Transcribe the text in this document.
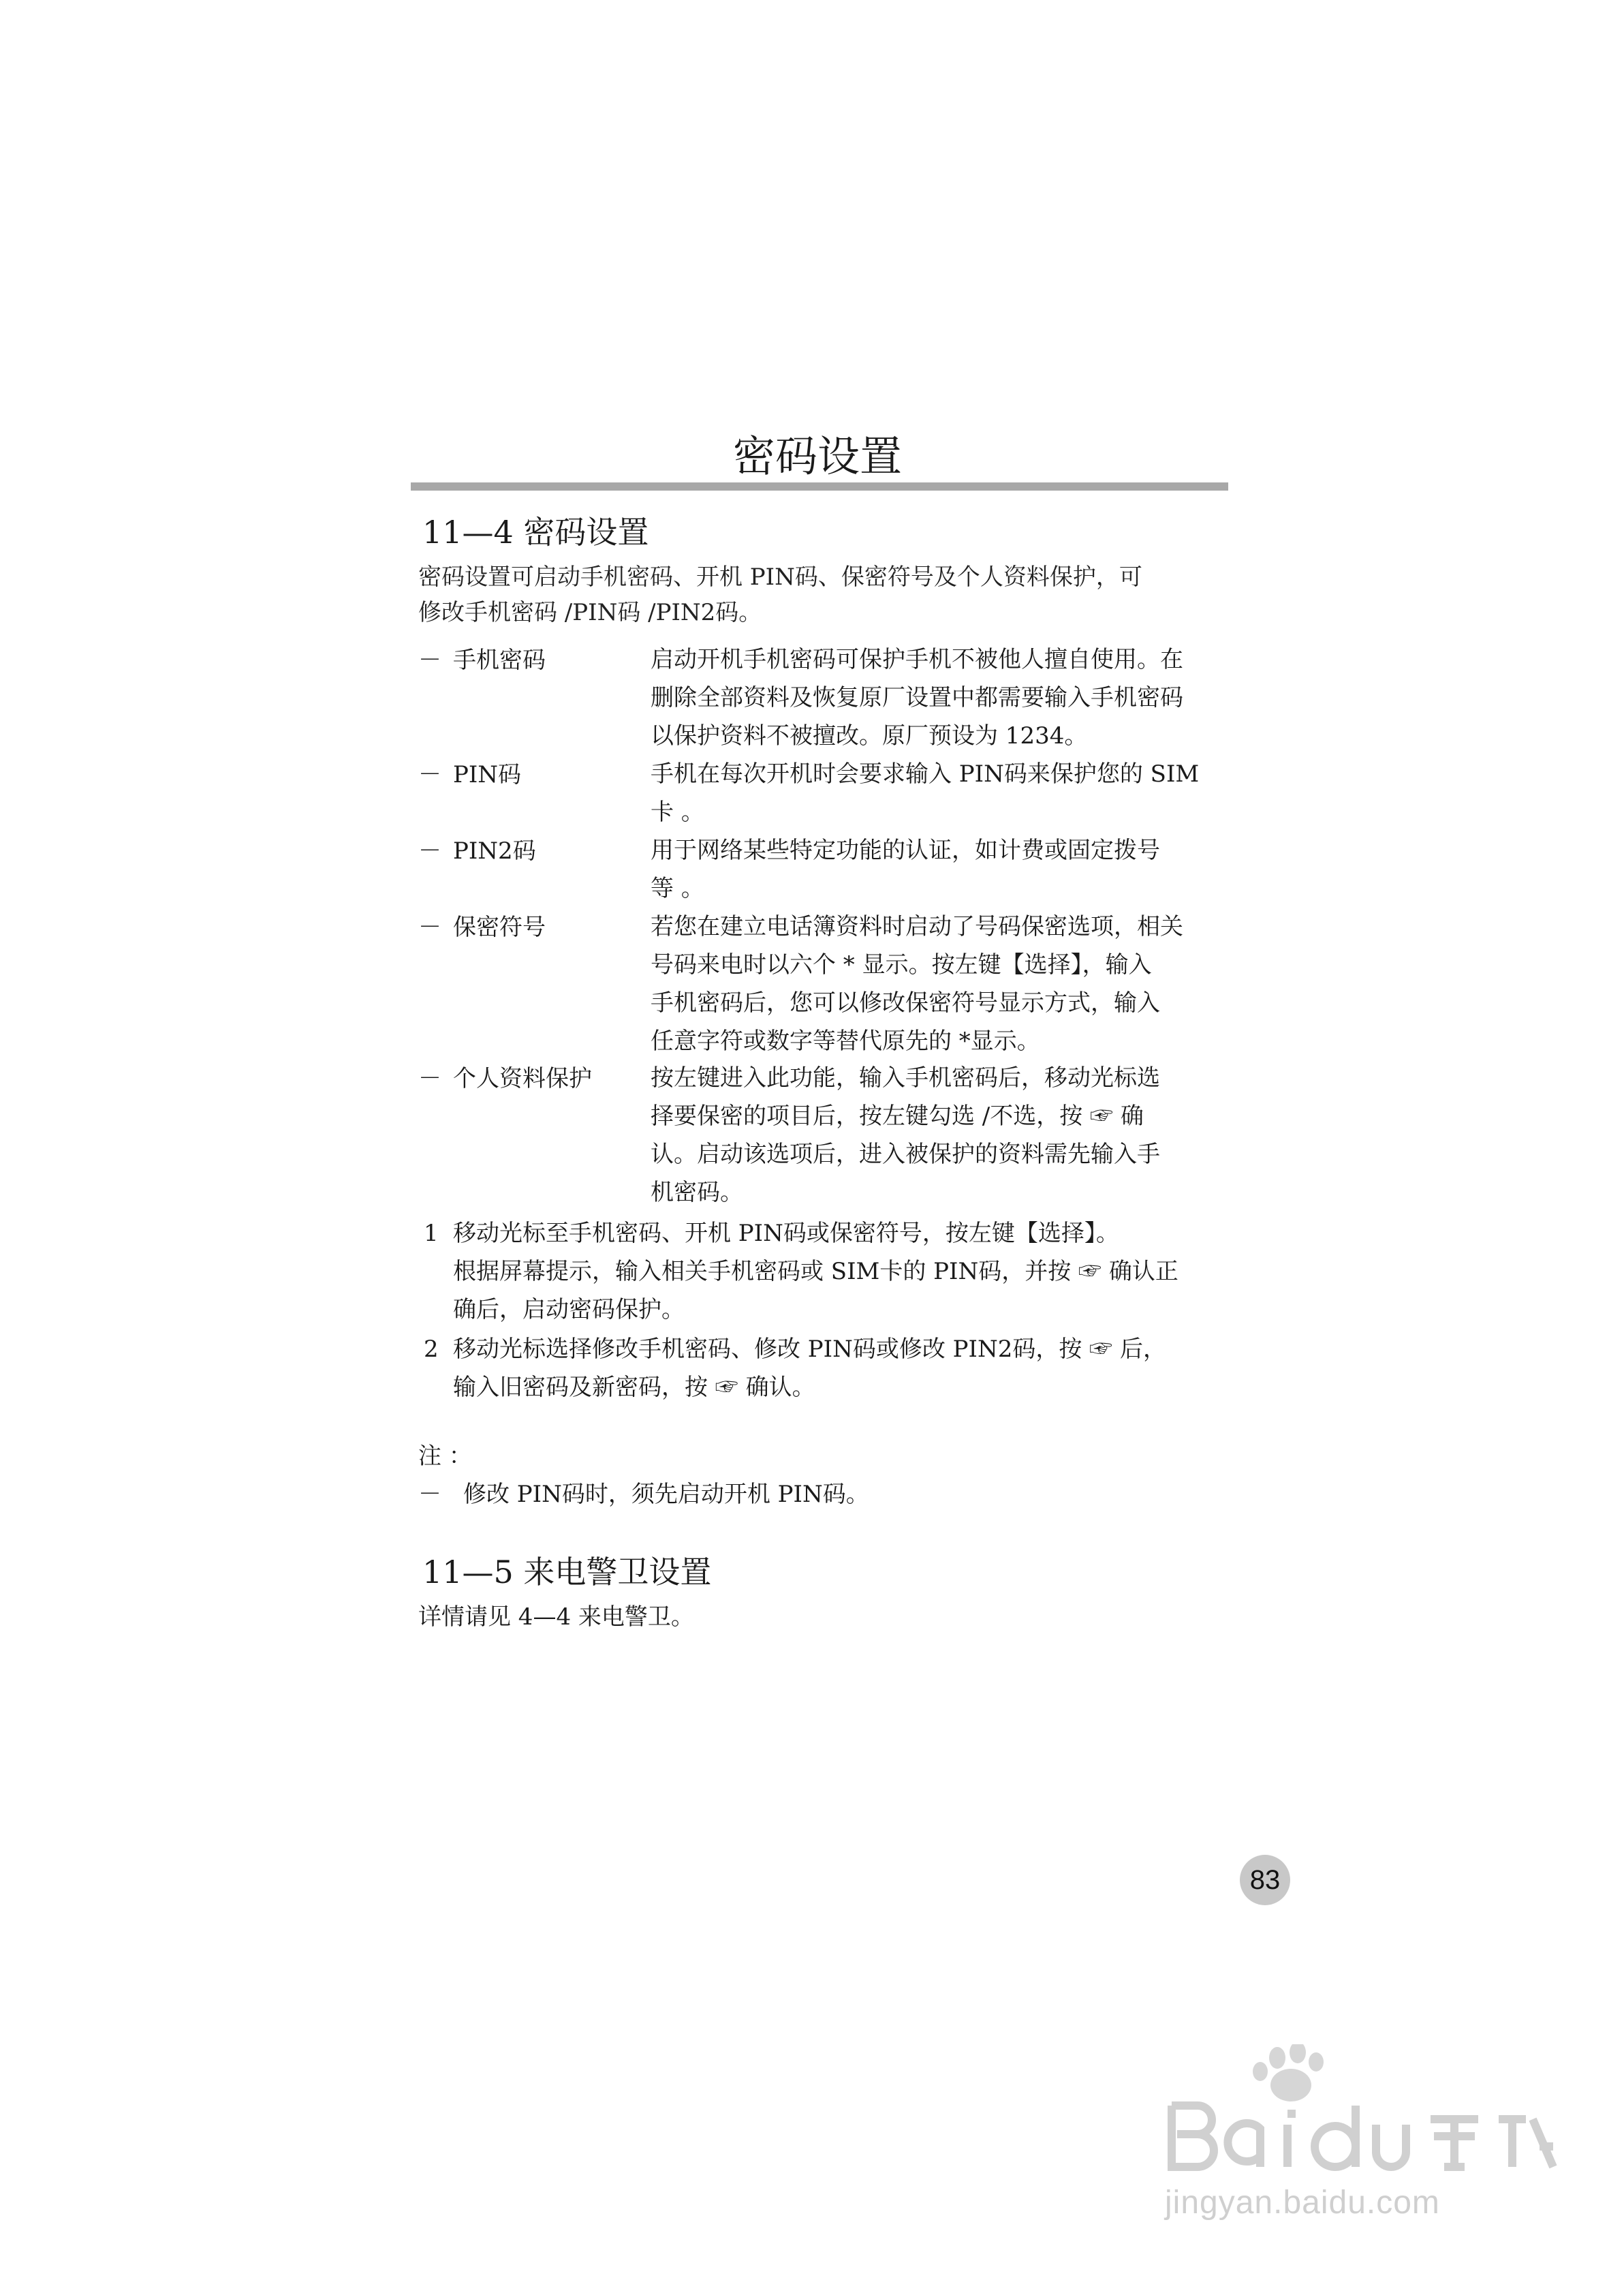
密码设置
11—4 密码设置
密码设置可启动手机密码、开机 PIN码、保密符号及个人资料保护，可
修改手机密码 /PIN码 /PIN2码。
－ 手机密码	启动开机手机密码可保护手机不被他人擅自使用。在
删除全部资料及恢复原厂设置中都需要输入手机密码
以保护资料不被擅改。原厂预设为 1234。
－ PIN码	手机在每次开机时会要求输入 PIN码来保护您的 SIM
卡 。
－ PIN2码	用于网络某些特定功能的认证，如计费或固定拨号
等 。
－ 保密符号	若您在建立电话簿资料时启动了号码保密选项，相关
号码来电时以六个 * 显示。按左键【选择】，输入
手机密码后，您可以修改保密符号显示方式，输入
任意字符或数字等替代原先的 *显示。
－ 个人资料保护	按左键进入此功能，输入手机密码后，移动光标选
择要保密的项目后，按左键勾选 /不选，按 ☞ 确
认。启动该选项后，进入被保护的资料需先输入手
机密码。
1 移动光标至手机密码、开机 PIN码或保密符号，按左键【选择】。
根据屏幕提示，输入相关手机密码或 SIM卡的 PIN码，并按 ☞ 确认正
确后，启动密码保护。
2 移动光标选择修改手机密码、修改 PIN码或修改 PIN2码，按 ☞ 后，
输入旧密码及新密码，按 ☞ 确认。
注 ：
－ 修改 PIN码时，须先启动开机 PIN码。
11—5 来电警卫设置
详情请见 4—4 来电警卫。
83
jingyan.baidu.com
